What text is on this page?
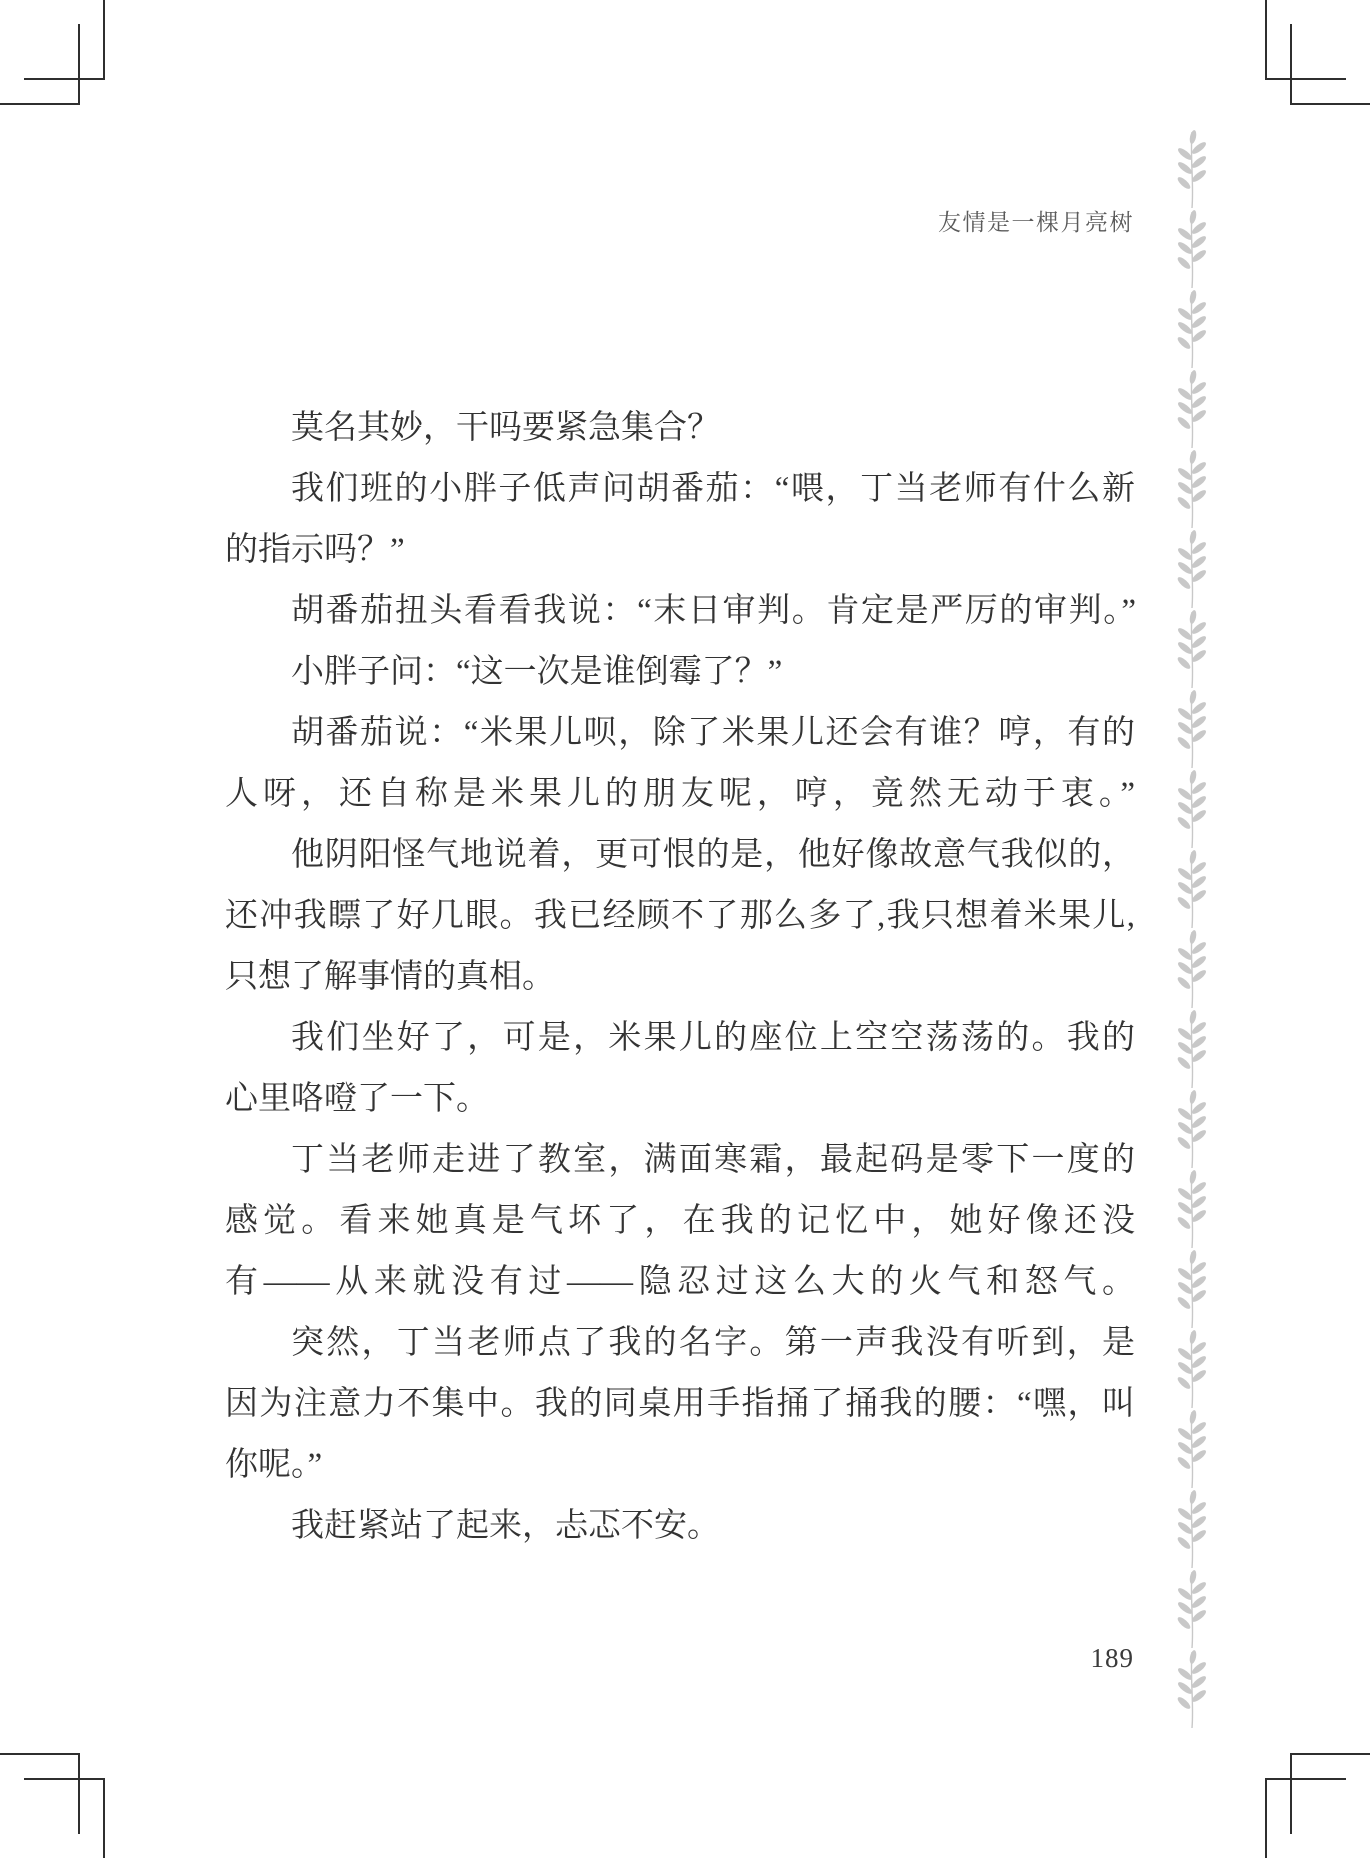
友情是一棵月亮树
莫名其妙，干吗要紧急集合？
我们班的小胖子低声问胡番茄：“喂，丁当老师有什么新
的指示吗？”
胡番茄扭头看看我说：“末日审判。肯定是严厉的审判。”
小胖子问：“这一次是谁倒霉了？”
胡番茄说：“米果儿呗，除了米果儿还会有谁？哼，有的
人呀，还自称是米果儿的朋友呢，哼，竟然无动于衷。”
他阴阳怪气地说着，更可恨的是，他好像故意气我似的，
还冲我瞟了好几眼。我已经顾不了那么多了,我只想着米果儿,
只想了解事情的真相。
我们坐好了，可是，米果儿的座位上空空荡荡的。我的
心里咯噔了一下。
丁当老师走进了教室，满面寒霜，最起码是零下一度的
感觉。看来她真是气坏了，在我的记忆中，她好像还没
有——从来就没有过——隐忍过这么大的火气和怒气。
突然，丁当老师点了我的名字。第一声我没有听到，是
因为注意力不集中。我的同桌用手指捅了捅我的腰：“嘿，叫
你呢。”
我赶紧站了起来，忐忑不安。
189
